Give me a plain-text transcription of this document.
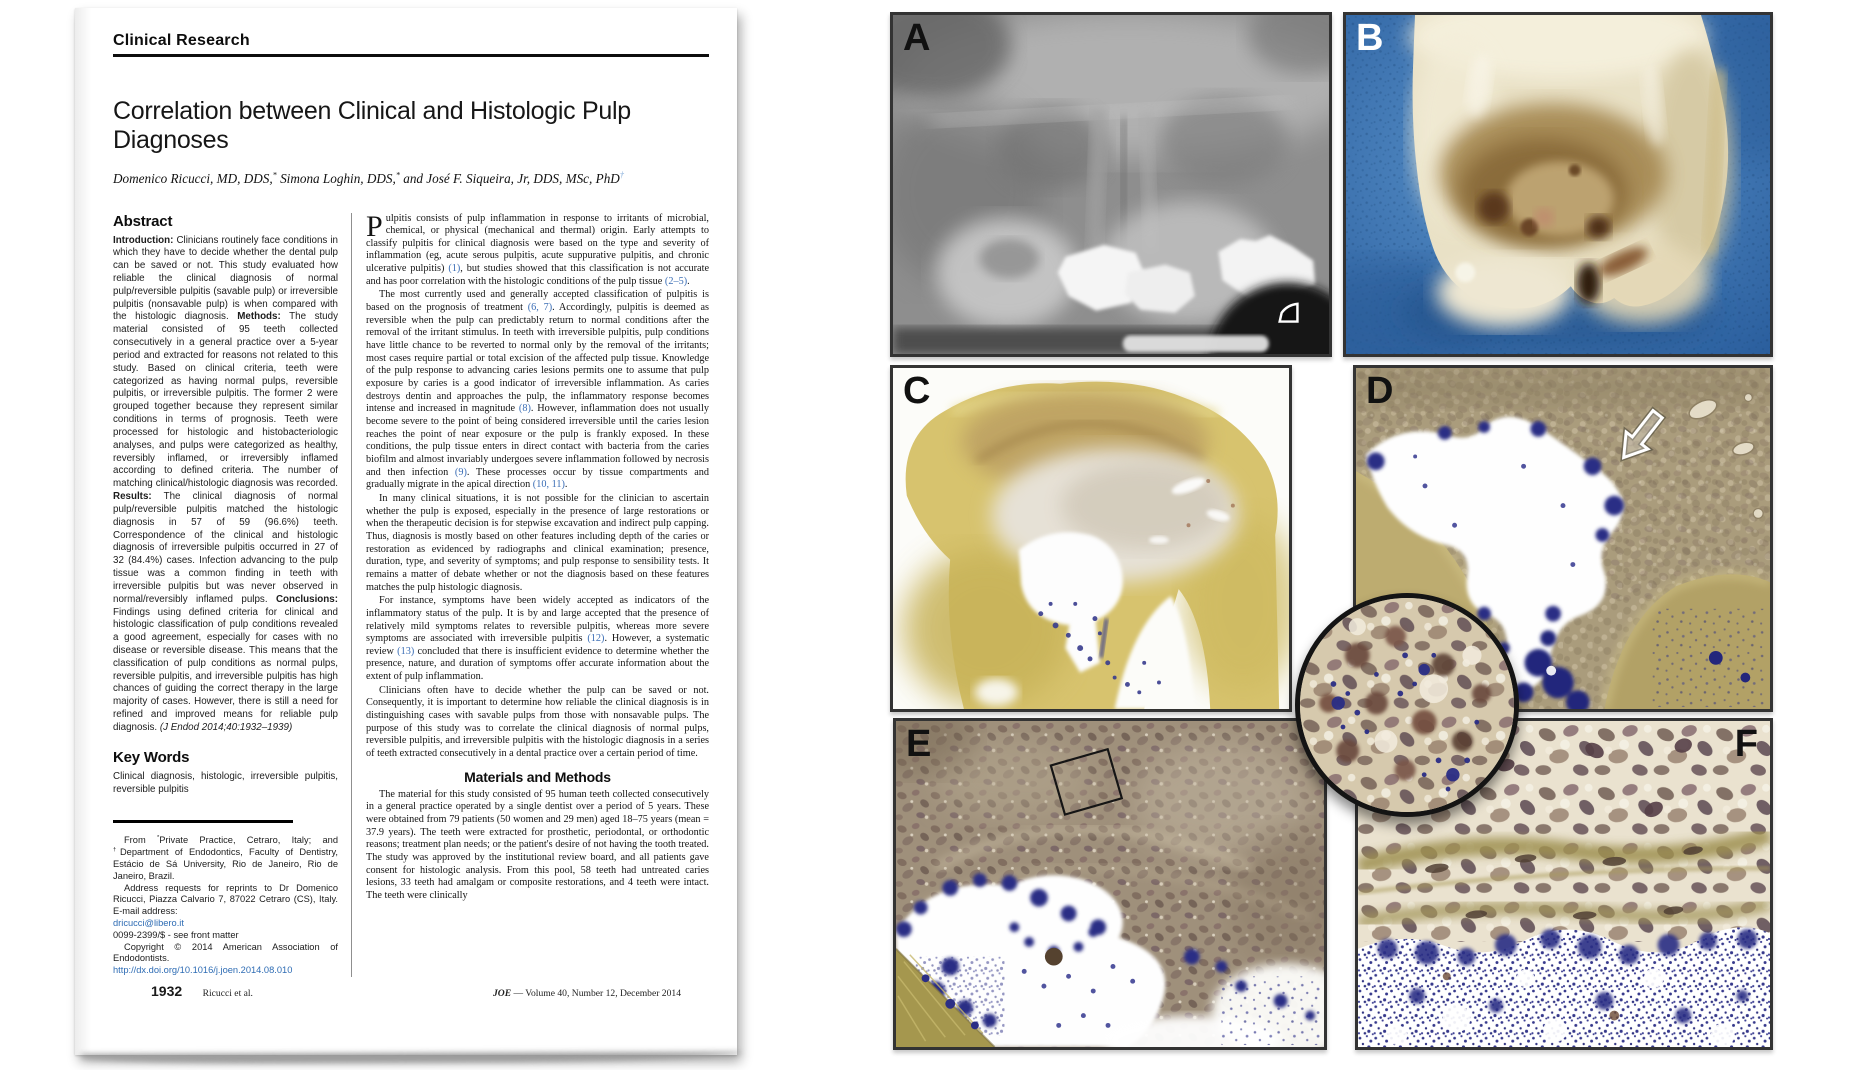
Clinical Research
Correlation between Clinical and Histologic Pulp Diagnoses
Domenico Ricucci, MD, DDS,* Simona Loghin, DDS,* and José F. Siqueira, Jr, DDS, MSc, PhD†
Abstract

Introduction: Clinicians routinely face conditions in which they have to decide whether the dental pulp can be saved or not. This study evaluated how reliable the clinical diagnosis of normal pulp/reversible pulpitis (savable pulp) or irreversible pulpitis (nonsavable pulp) is when compared with the histologic diagnosis. Methods: The study material consisted of 95 teeth collected consecutively in a general practice over a 5-year period and extracted for reasons not related to this study. Based on clinical criteria, teeth were categorized as having normal pulps, reversible pulpitis, or irreversible pulpitis. The former 2 were grouped together because they represent similar conditions in terms of prognosis. Teeth were processed for histologic and histobacteriologic analyses, and pulps were categorized as healthy, reversibly inflamed, or irreversibly inflamed according to defined criteria. The number of matching clinical/histologic diagnosis was recorded. Results: The clinical diagnosis of normal pulp/reversible pulpitis matched the histologic diagnosis in 57 of 59 (96.6%) teeth. Correspondence of the clinical and histologic diagnosis of irreversible pulpitis occurred in 27 of 32 (84.4%) cases. Infection advancing to the pulp tissue was a common finding in teeth with irreversible pulpitis but was never observed in normal/reversibly inflamed pulps. Conclusions: Findings using defined criteria for clinical and histologic classification of pulp conditions revealed a good agreement, especially for cases with no disease or reversible disease. This means that the classification of pulp conditions as normal pulps, reversible pulpitis, and irreversible pulpitis has high chances of guiding the correct therapy in the large majority of cases. However, there is still a need for refined and improved means for reliable pulp diagnosis. (J Endod 2014;40:1932–1939)

Key Words

Clinical diagnosis, histologic, irreversible pulpitis, reversible pulpitis

From *Private Practice, Cetraro, Italy; and †Department of Endodontics, Faculty of Dentistry, Estácio de Sá University, Rio de Janeiro, Rio de Janeiro, Brazil.

Address requests for reprints to Dr Domenico Ricucci, Piazza Calvario 7, 87022 Cetraro (CS), Italy. E-mail address:

dricucci@libero.it

0099-2399/$ - see front matter

Copyright © 2014 American Association of Endodontists.

http://dx.doi.org/10.1016/j.joen.2014.08.010

Pulpitis consists of pulp inflammation in response to irritants of microbial, chemical, or physical (mechanical and thermal) origin. Early attempts to classify pulpitis for clinical diagnosis were based on the type and severity of inflammation (eg, acute serous pulpitis, acute suppurative pulpitis, and chronic ulcerative pulpitis) (1), but studies showed that this classification is not accurate and has poor correlation with the histologic conditions of the pulp tissue (2–5).

The most currently used and generally accepted classification of pulpitis is based on the prognosis of treatment (6, 7). Accordingly, pulpitis is deemed as reversible when the pulp can predictably return to normal conditions after the removal of the irritant stimulus. In teeth with irreversible pulpitis, pulp conditions have little chance to be reverted to normal only by the removal of the irritants; most cases require partial or total excision of the affected pulp tissue. Knowledge of the pulp response to advancing caries lesions permits one to assume that pulp exposure by caries is a good indicator of irreversible inflammation. As caries destroys dentin and approaches the pulp, the inflammatory response becomes intense and increased in magnitude (8). However, inflammation does not usually become severe to the point of being considered irreversible until the caries lesion reaches the point of near exposure or the pulp is frankly exposed. In these conditions, the pulp tissue enters in direct contact with bacteria from the caries biofilm and almost invariably undergoes severe inflammation followed by necrosis and then infection (9). These processes occur by tissue compartments and gradually migrate in the apical direction (10, 11).

In many clinical situations, it is not possible for the clinician to ascertain whether the pulp is exposed, especially in the presence of large restorations or when the therapeutic decision is for stepwise excavation and indirect pulp capping. Thus, diagnosis is mostly based on other features including depth of the caries or restoration as evidenced by radiographs and clinical examination; presence, duration, type, and severity of symptoms; and pulp response to sensibility tests. It remains a matter of debate whether or not the diagnosis based on these features matches the pulp histologic diagnosis.

For instance, symptoms have been widely accepted as indicators of the inflammatory status of the pulp. It is by and large accepted that the presence of relatively mild symptoms relates to reversible pulpitis, whereas more severe symptoms are associated with irreversible pulpitis (12). However, a systematic review (13) concluded that there is insufficient evidence to determine whether the presence, nature, and duration of symptoms offer accurate information about the extent of pulp inflammation.

Clinicians often have to decide whether the pulp can be saved or not. Consequently, it is important to determine how reliable the clinical diagnosis is in distinguishing cases with savable pulps from those with nonsavable pulps. The purpose of this study was to correlate the clinical diagnosis of normal pulps, reversible pulpitis, and irreversible pulpitis with the histologic diagnosis in a series of teeth extracted consecutively in a dental practice over a certain period of time.

Materials and Methods

The material for this study consisted of 95 human teeth collected consecutively in a general practice operated by a single dentist over a period of 5 years. These were obtained from 79 patients (50 women and 29 men) aged 18–75 years (mean = 37.9 years). The teeth were extracted for prosthetic, periodontal, or orthodontic reasons; treatment plan needs; or the patient's desire of not having the tooth treated. The study was approved by the institutional review board, and all patients gave consent for histologic analysis. From this pool, 58 teeth had untreated caries lesions, 33 teeth had amalgam or composite restorations, and 4 teeth were intact. The teeth were clinically

1932 Ricucci et al.	JOE — Volume 40, Number 12, December 2014
A	B
C	D
E	F
